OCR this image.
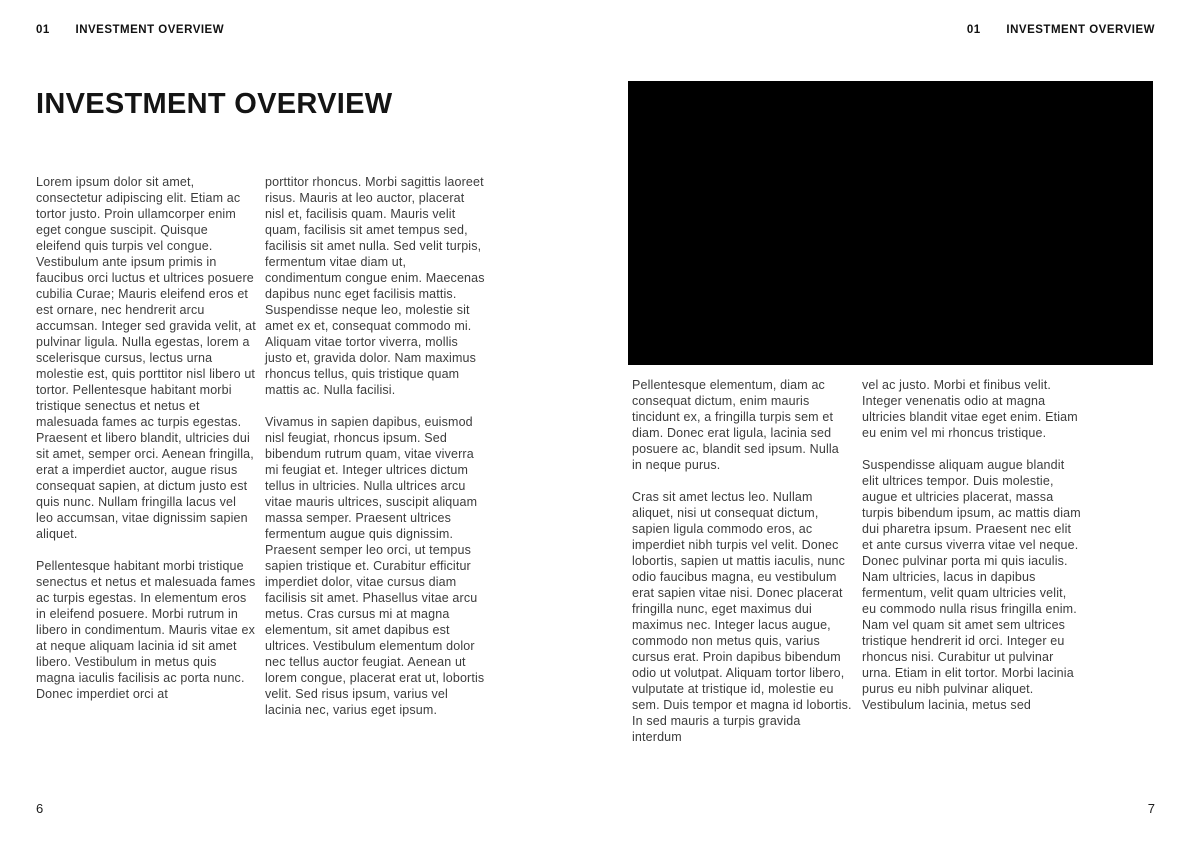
01 INVESTMENT OVERVIEW	01 INVESTMENT OVERVIEW
INVESTMENT OVERVIEW

Lorem ipsum dolor sit amet, consectetur adipiscing elit. Etiam ac tortor justo. Proin ullamcorper enim eget congue suscipit. Quisque eleifend quis turpis vel congue. Vestibulum ante ipsum primis in faucibus orci luctus et ultrices posuere cubilia Curae; Mauris eleifend eros et est ornare, nec hendrerit arcu accumsan. Integer sed gravida velit, at pulvinar ligula. Nulla egestas, lorem a scelerisque cursus, lectus urna molestie est, quis porttitor nisl libero ut tortor. Pellentesque habitant morbi tristique senectus et netus et malesuada fames ac turpis egestas. Praesent et libero blandit, ultricies dui sit amet, semper orci. Aenean fringilla, erat a imperdiet auctor, augue risus consequat sapien, at dictum justo est quis nunc. Nullam fringilla lacus vel leo accumsan, vitae dignissim sapien aliquet.

Pellentesque habitant morbi tristique senectus et netus et malesuada fames ac turpis egestas. In elementum eros in eleifend posuere. Morbi rutrum in libero in condimentum. Mauris vitae ex at neque aliquam lacinia id sit amet libero. Vestibulum in metus quis magna iaculis facilisis ac porta nunc. Donec imperdiet orci at

porttitor rhoncus. Morbi sagittis laoreet risus. Mauris at leo auctor, placerat nisl et, facilisis quam. Mauris velit quam, facilisis sit amet tempus sed, facilisis sit amet nulla. Sed velit turpis, fermentum vitae diam ut, condimentum congue enim. Maecenas dapibus nunc eget facilisis mattis. Suspendisse neque leo, molestie sit amet ex et, consequat commodo mi. Aliquam vitae tortor viverra, mollis justo et, gravida dolor. Nam maximus rhoncus tellus, quis tristique quam mattis ac. Nulla facilisi.

Vivamus in sapien dapibus, euismod nisl feugiat, rhoncus ipsum. Sed bibendum rutrum quam, vitae viverra mi feugiat et. Integer ultrices dictum tellus in ultricies. Nulla ultrices arcu vitae mauris ultrices, suscipit aliquam massa semper. Praesent ultrices fermentum augue quis dignissim. Praesent semper leo orci, ut tempus sapien tristique et. Curabitur efficitur imperdiet dolor, vitae cursus diam facilisis sit amet. Phasellus vitae arcu metus. Cras cursus mi at magna elementum, sit amet dapibus est ultrices. Vestibulum elementum dolor nec tellus auctor feugiat. Aenean ut lorem congue, placerat erat ut, lobortis velit. Sed risus ipsum, varius vel lacinia nec, varius eget ipsum.

Pellentesque elementum, diam ac consequat dictum, enim mauris tincidunt ex, a fringilla turpis sem et diam. Donec erat ligula, lacinia sed posuere ac, blandit sed ipsum. Nulla in neque purus.

Cras sit amet lectus leo. Nullam aliquet, nisi ut consequat dictum, sapien ligula commodo eros, ac imperdiet nibh turpis vel velit. Donec lobortis, sapien ut mattis iaculis, nunc odio faucibus magna, eu vestibulum erat sapien vitae nisi. Donec placerat fringilla nunc, eget maximus dui maximus nec. Integer lacus augue, commodo non metus quis, varius cursus erat. Proin dapibus bibendum odio ut volutpat. Aliquam tortor libero, vulputate at tristique id, molestie eu sem. Duis tempor et magna id lobortis. In sed mauris a turpis gravida interdum

vel ac justo. Morbi et finibus velit. Integer venenatis odio at magna ultricies blandit vitae eget enim. Etiam eu enim vel mi rhoncus tristique.

Suspendisse aliquam augue blandit elit ultrices tempor. Duis molestie, augue et ultricies placerat, massa turpis bibendum ipsum, ac mattis diam dui pharetra ipsum. Praesent nec elit et ante cursus viverra vitae vel neque. Donec pulvinar porta mi quis iaculis. Nam ultricies, lacus in dapibus fermentum, velit quam ultricies velit, eu commodo nulla risus fringilla enim. Nam vel quam sit amet sem ultrices tristique hendrerit id orci. Integer eu rhoncus nisi. Curabitur ut pulvinar urna. Etiam in elit tortor. Morbi lacinia purus eu nibh pulvinar aliquet. Vestibulum lacinia, metus sed

6	7
